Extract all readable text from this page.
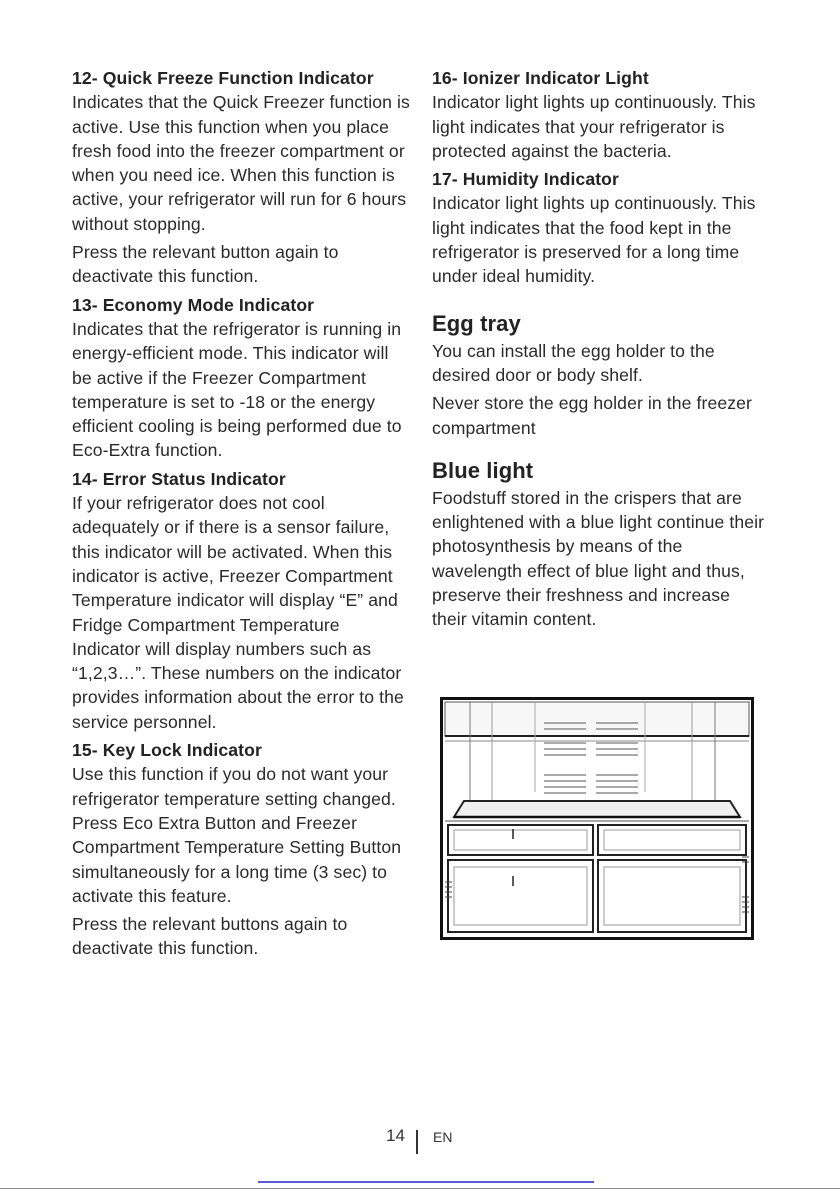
12- Quick Freeze Function Indicator

Indicates that the Quick Freezer function is active. Use this function when you place fresh food into the freezer compartment or when you need ice. When this function is active, your refrigerator will run for 6 hours without stopping.

Press the relevant button again to deactivate this function.

13- Economy Mode Indicator

Indicates that the refrigerator is running in energy-efficient mode. This indicator will be active if the Freezer Compartment temperature is set to -18 or the energy efficient cooling is being performed due to Eco-Extra function.

14- Error Status Indicator

If your refrigerator does not cool adequately or if there is a sensor failure, this indicator will be activated. When this indicator is active, Freezer Compartment Temperature indicator will display “E” and Fridge Compartment Temperature Indicator will display numbers such as “1,2,3…”. These numbers on the indicator provides information about the error to the service personnel.

15- Key Lock Indicator

Use this function if you do not want your refrigerator temperature setting changed. Press Eco Extra Button and Freezer Compartment Temperature Setting Button simultaneously for a long time (3 sec) to activate this feature.

Press the relevant buttons again to deactivate this function.

16- Ionizer Indicator Light

Indicator light lights up continuously. This light indicates that your refrigerator is protected against the bacteria.

17- Humidity Indicator

Indicator light lights up continuously. This light indicates that the food kept in the refrigerator is preserved for a long time under ideal humidity.

Egg tray

You can install the egg holder to the desired door or body shelf.

Never store the egg holder in the freezer compartment

Blue light

Foodstuff stored in the crispers that are enlightened with a blue light continue their photosynthesis by means of the wavelength effect of blue light and thus, preserve their freshness and increase their vitamin content.

14 EN
